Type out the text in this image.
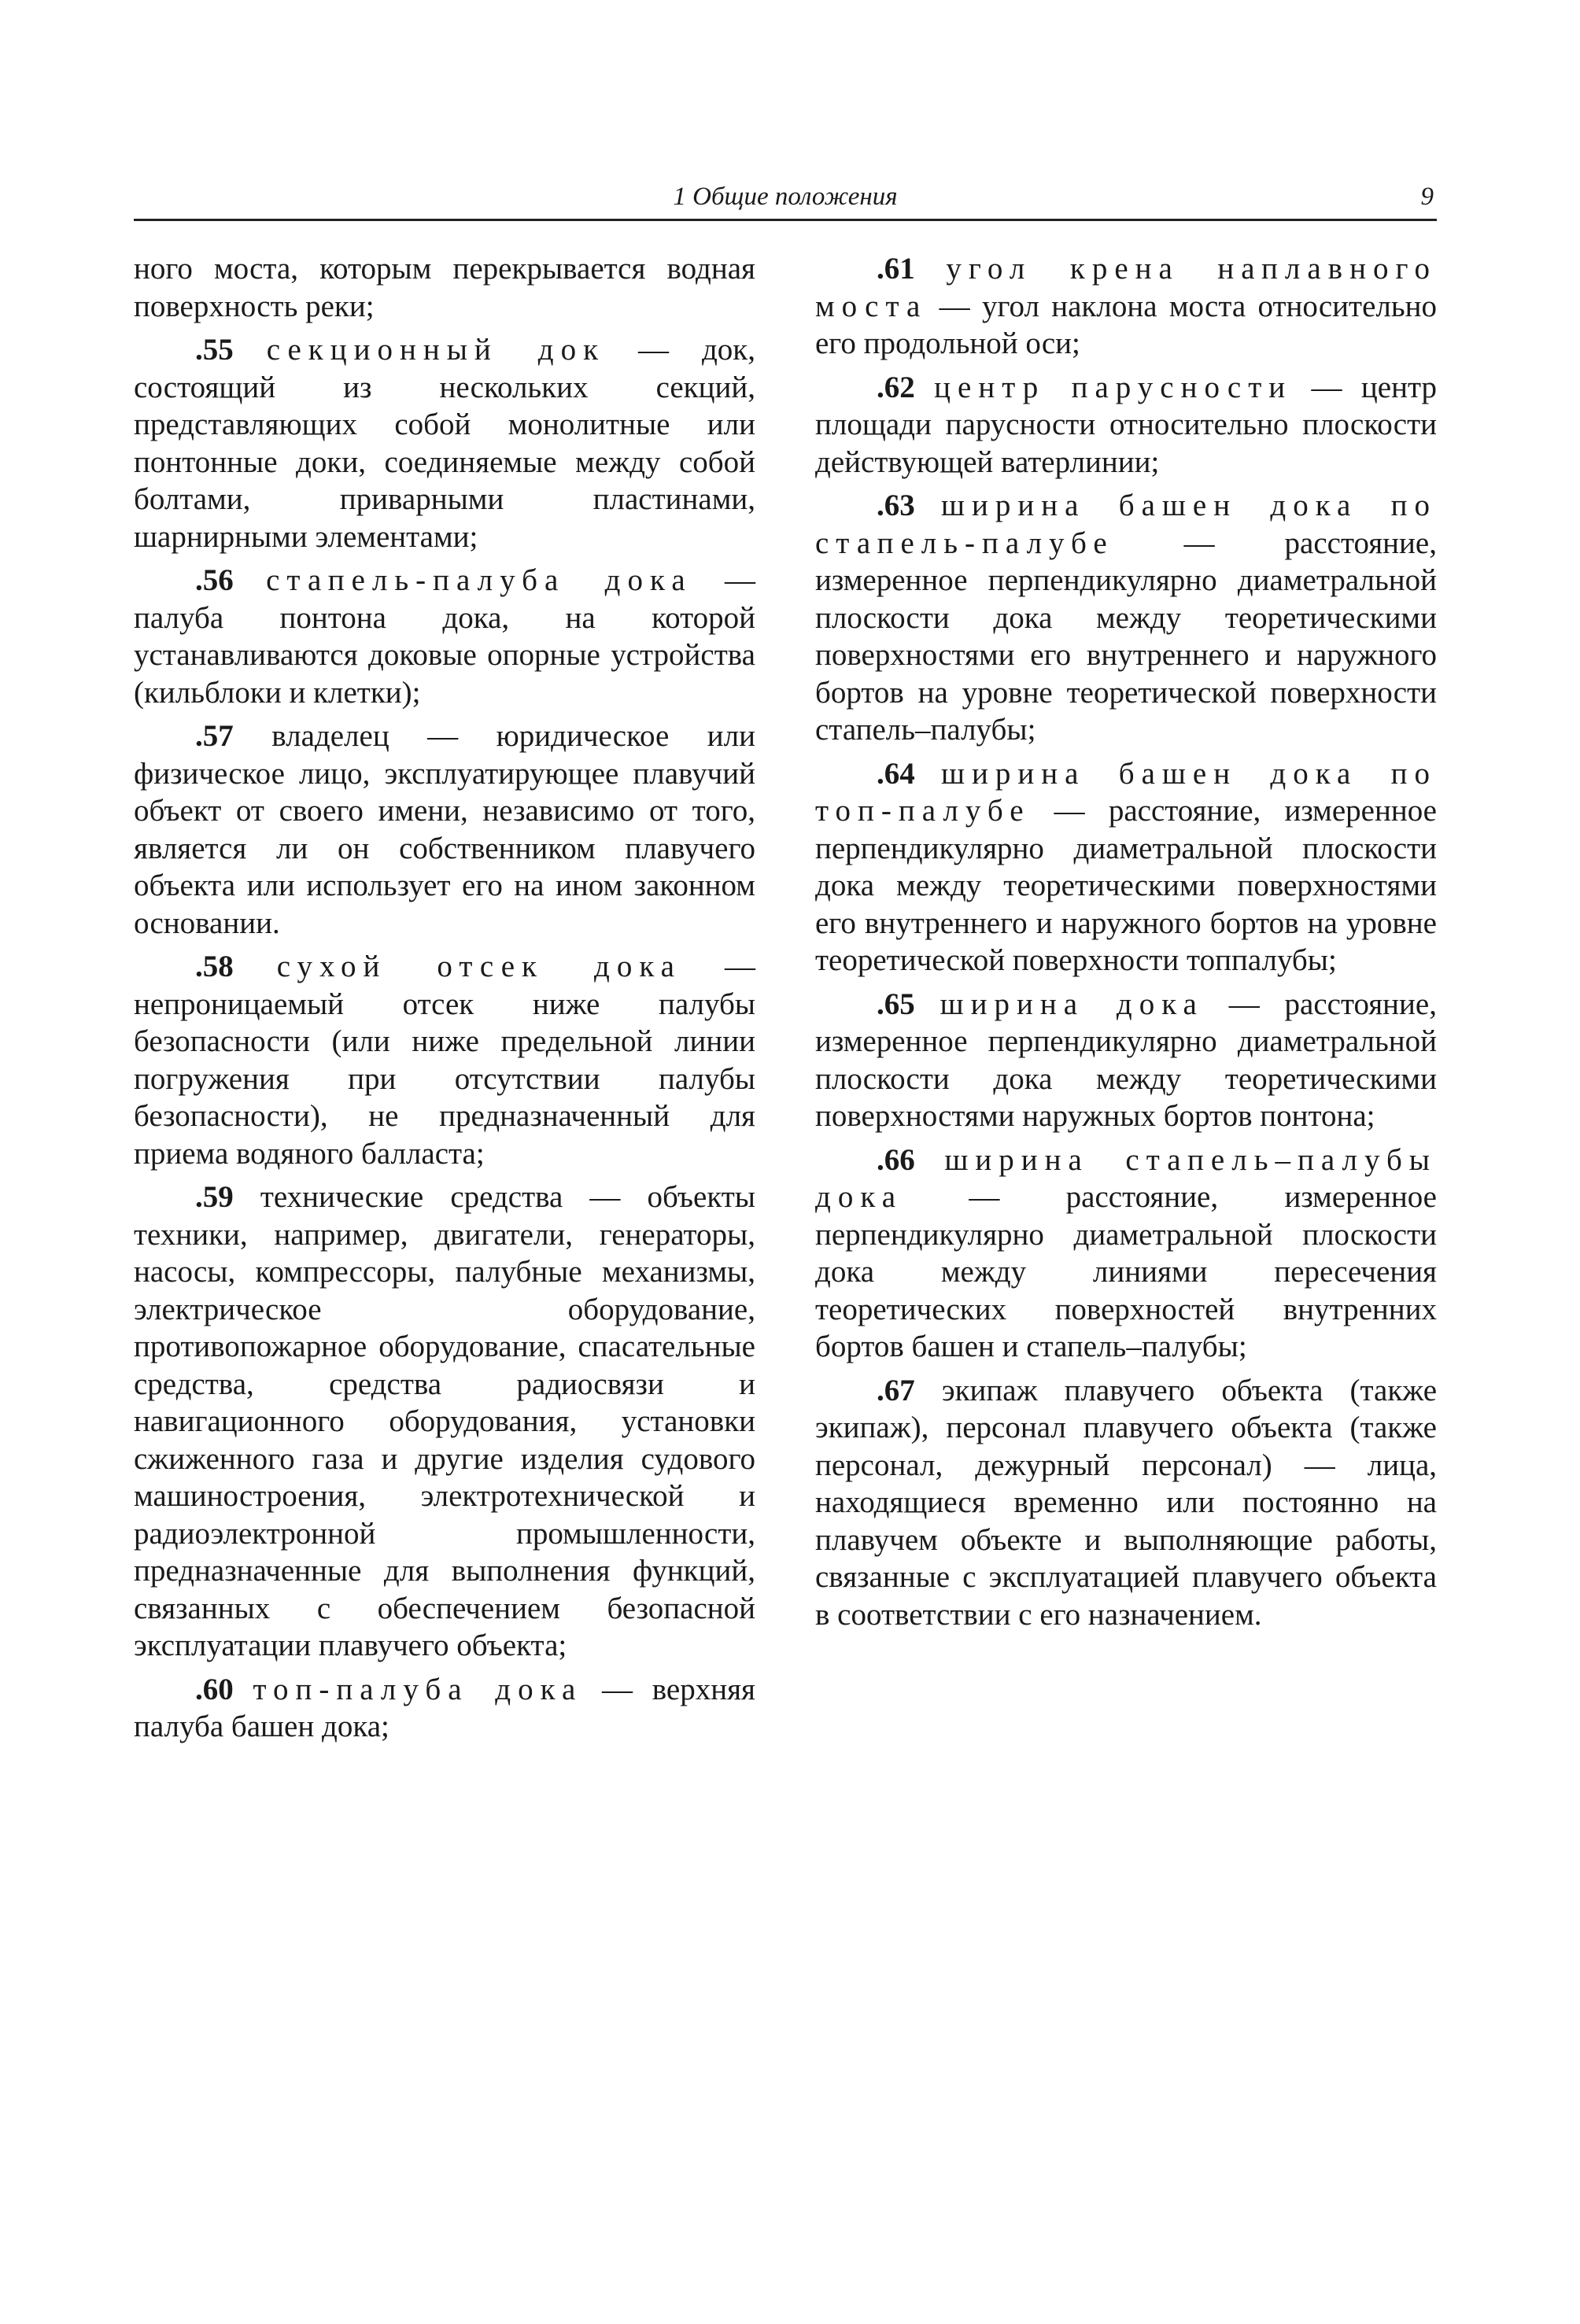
1 Общие положения	9

ного моста, которым перекрывается водная поверхность реки;

.55 секционный док — док, состоящий из нескольких секций, представляющих собой монолитные или понтонные доки, соединяемые между собой болтами, приварными пластинами, шарнирными элементами;

.56 стапель-палуба дока — палуба понтона дока, на которой устанавливаются доковые опорные устройства (кильблоки и клетки);

.57 владелец — юридическое или физическое лицо, эксплуатирующее плавучий объект от своего имени, независимо от того, является ли он собственником плавучего объекта или использует его на ином законном основании.

.58 сухой отсек дока — непроницаемый отсек ниже палубы безопасности (или ниже предельной линии погружения при отсутствии палубы безопасности), не предназначенный для приема водяного балласта;

.59 технические средства — объекты техники, например, двигатели, генераторы, насосы, компрессоры, палубные механизмы, электрическое оборудование, противопожарное оборудование, спасательные средства, средства радиосвязи и навигационного оборудования, установки сжиженного газа и другие изделия судового машиностроения, электротехнической и радиоэлектронной промышленности, предназначенные для выполнения функций, связанных с обеспечением безопасной эксплуатации плавучего объекта;

.60 топ-палуба дока — верхняя палуба башен дока;

.61 угол крена наплавного моста — угол наклона моста относительно его продольной оси;

.62 центр парусности — центр площади парусности относительно плоскости действующей ватерлинии;

.63 ширина башен дока по стапель-палубе — расстояние, измеренное перпендикулярно диаметральной плоскости дока между теоретическими поверхностями его внутреннего и наружного бортов на уровне теоретической поверхности стапель–палубы;

.64 ширина башен дока по топ-палубе — расстояние, измеренное перпендикулярно диаметральной плоскости дока между теоретическими поверхностями его внутреннего и наружного бортов на уровне теоретической поверхности топпалубы;

.65 ширина дока — расстояние, измеренное перпендикулярно диаметральной плоскости дока между теоретическими поверхностями наружных бортов понтона;

.66 ширина стапель–палубы дока — расстояние, измеренное перпендикулярно диаметральной плоскости дока между линиями пересечения теоретических поверхностей внутренних бортов башен и стапель–палубы;

.67 экипаж плавучего объекта (также экипаж), персонал плавучего объекта (также персонал, дежурный персонал) — лица, находящиеся временно или постоянно на плавучем объекте и выполняющие работы, связанные с эксплуатацией плавучего объекта в соответствии с его назначением.
